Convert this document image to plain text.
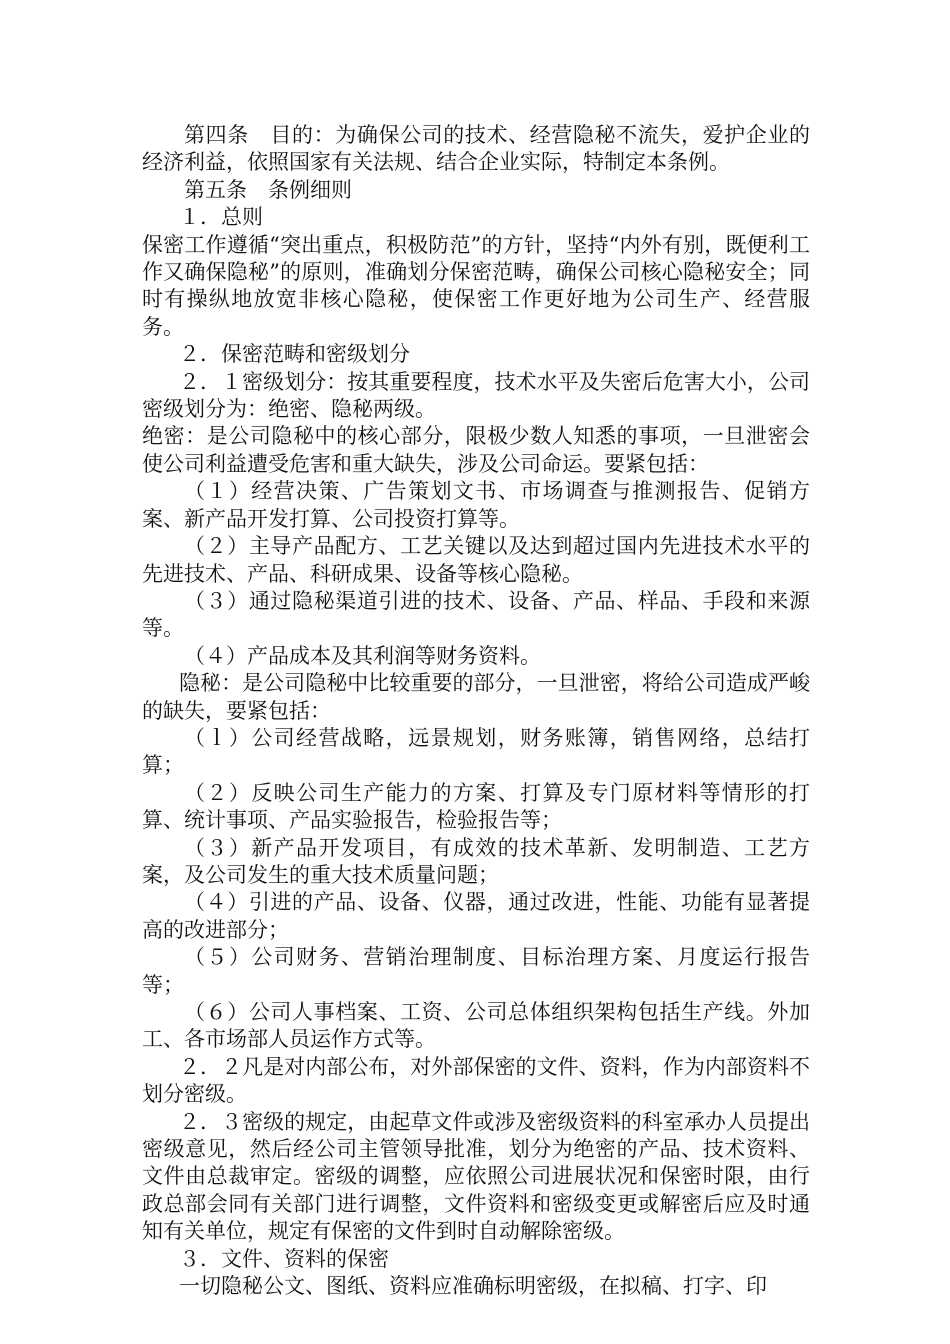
第四条　目的：为确保公司的技术、经营隐秘不流失，爱护企业的经济利益，依照国家有关法规、结合企业实际，特制定本条例。

第五条　条例细则

１．总则

保密工作遵循“突出重点，积极防范”的方针，坚持“内外有别，既便利工作又确保隐秘”的原则，准确划分保密范畴，确保公司核心隐秘安全；同时有操纵地放宽非核心隐秘，使保密工作更好地为公司生产、经营服务。

２．保密范畴和密级划分

２．１密级划分：按其重要程度，技术水平及失密后危害大小，公司密级划分为：绝密、隐秘两级。

绝密：是公司隐秘中的核心部分，限极少数人知悉的事项，一旦泄密会使公司利益遭受危害和重大缺失，涉及公司命运。要紧包括：

（１）经营决策、广告策划文书、市场调查与推测报告、促销方案、新产品开发打算、公司投资打算等。

（２）主导产品配方、工艺关键以及达到超过国内先进技术水平的先进技术、产品、科研成果、设备等核心隐秘。

（３）通过隐秘渠道引进的技术、设备、产品、样品、手段和来源等。

（４）产品成本及其利润等财务资料。

隐秘：是公司隐秘中比较重要的部分，一旦泄密，将给公司造成严峻的缺失，要紧包括：

（ｌ）公司经营战略，远景规划，财务账簿，销售网络，总结打算；

（２）反映公司生产能力的方案、打算及专门原材料等情形的打算、统计事项、产品实验报告，检验报告等；

（３）新产品开发项目，有成效的技术革新、发明制造、工艺方案，及公司发生的重大技术质量问题；

（４）引进的产品、设备、仪器，通过改进，性能、功能有显著提高的改进部分；

（５）公司财务、营销治理制度、目标治理方案、月度运行报告等；

（６）公司人事档案、工资、公司总体组织架构包括生产线。外加工、各市场部人员运作方式等。

２．２凡是对内部公布，对外部保密的文件、资料，作为内部资料不划分密级。

２．３密级的规定，由起草文件或涉及密级资料的科室承办人员提出密级意见，然后经公司主管领导批准，划分为绝密的产品、技术资料、文件由总裁审定。密级的调整，应依照公司进展状况和保密时限，由行政总部会同有关部门进行调整，文件资料和密级变更或解密后应及时通知有关单位，规定有保密的文件到时自动解除密级。

３．文件、资料的保密

一切隐秘公文、图纸、资料应准确标明密级，在拟稿、打字、印
